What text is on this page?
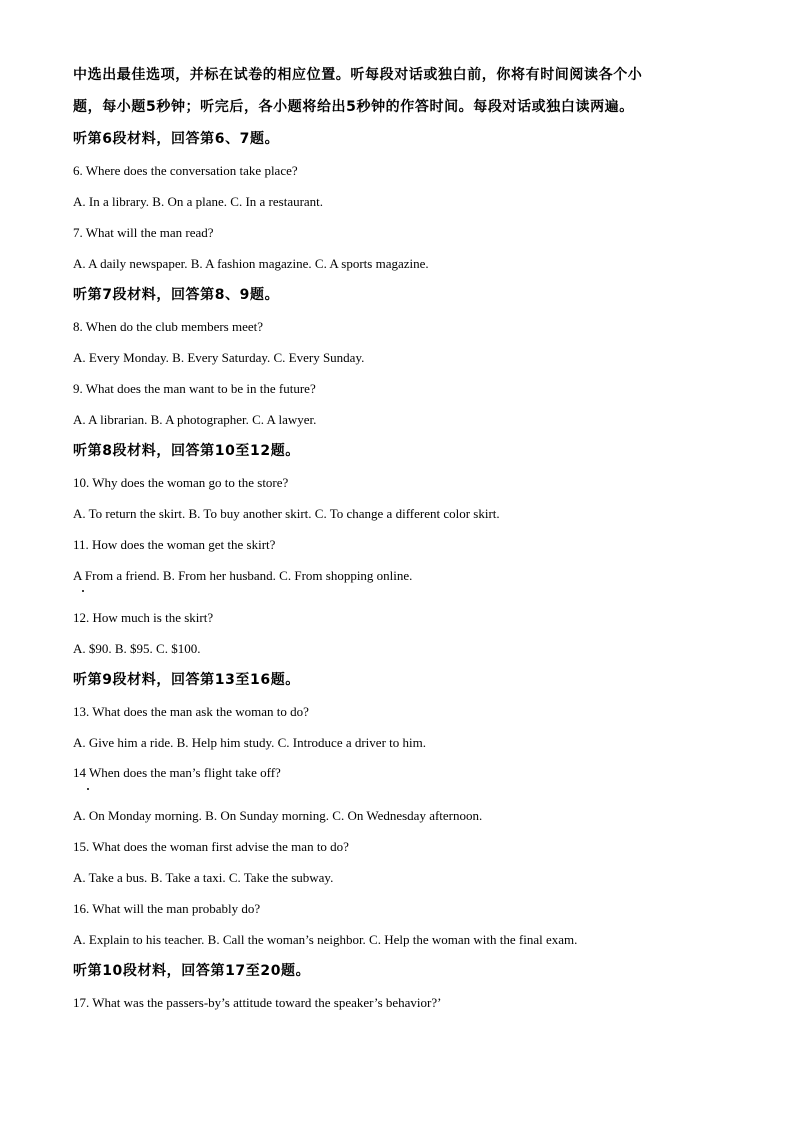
中选出最佳选项，并标在试卷的相应位置。听每段对话或独白前，你将有时间阅读各个小
题，每小题5秒钟；听完后，各小题将给出5秒钟的作答时间。每段对话或独白读两遍。
听第6段材料，回答第6、7题。
6. Where does the conversation take place?
A. In a library. B. On a plane. C. In a restaurant.
7. What will the man read?
A. A daily newspaper. B. A fashion magazine. C. A sports magazine.
听第7段材料，回答第8、9题。
8. When do the club members meet?
A. Every Monday. B. Every Saturday. C. Every Sunday.
9. What does the man want to be in the future?
A. A librarian. B. A photographer. C. A lawyer.
听第8段材料，回答第10至12题。
10. Why does the woman go to the store?
A. To return the skirt. B. To buy another skirt. C. To change a different color skirt.
11. How does the woman get the skirt?
A From a friend. B. From her husband. C. From shopping online.
12. How much is the skirt?
A. $90. B. $95. C. $100.
听第9段材料，回答第13至16题。
13. What does the man ask the woman to do?
A. Give him a ride. B. Help him study. C. Introduce a driver to him.
14 When does the man’s flight take off?
A. On Monday morning. B. On Sunday morning. C. On Wednesday afternoon.
15. What does the woman first advise the man to do?
A. Take a bus. B. Take a taxi. C. Take the subway.
16. What will the man probably do?
A. Explain to his teacher. B. Call the woman’s neighbor. C. Help the woman with the final exam.
听第10段材料，回答第17至20题。
17. What was the passers-by’s attitude toward the speaker’s behavior?’
